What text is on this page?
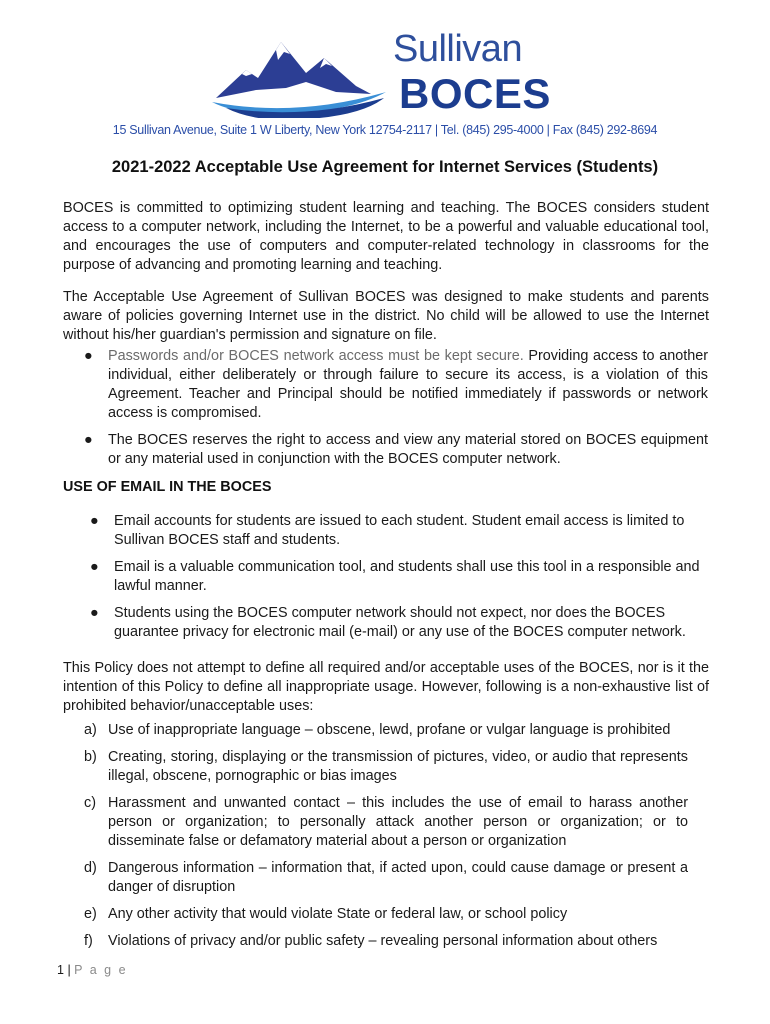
Sullivan
BOCES
15 Sullivan Avenue, Suite 1 W Liberty, New York 12754-2117 | Tel. (845) 295-4000 | Fax (845) 292-8694
2021-2022 Acceptable Use Agreement for Internet Services (Students)
BOCES is committed to optimizing student learning and teaching. The BOCES considers student access to a computer network, including the Internet, to be a powerful and valuable educational tool, and encourages the use of computers and computer-related technology in classrooms for the purpose of advancing and promoting learning and teaching.
The Acceptable Use Agreement of Sullivan BOCES was designed to make students and parents aware of policies governing Internet use in the district. No child will be allowed to use the Internet without his/her guardian's permission and signature on file.
● Passwords and/or BOCES network access must be kept secure. Providing access to another individual, either deliberately or through failure to secure its access, is a violation of this Agreement. Teacher and Principal should be notified immediately if passwords or network access is compromised.
● The BOCES reserves the right to access and view any material stored on BOCES equipment or any material used in conjunction with the BOCES computer network.
USE OF EMAIL IN THE BOCES
● Email accounts for students are issued to each student. Student email access is limited to Sullivan BOCES staff and students.
● Email is a valuable communication tool, and students shall use this tool in a responsible and lawful manner.
● Students using the BOCES computer network should not expect, nor does the BOCES guarantee privacy for electronic mail (e-mail) or any use of the BOCES computer network.
This Policy does not attempt to define all required and/or acceptable uses of the BOCES, nor is it the intention of this Policy to define all inappropriate usage. However, following is a non-exhaustive list of prohibited behavior/unacceptable uses:
a) Use of inappropriate language – obscene, lewd, profane or vulgar language is prohibited
b) Creating, storing, displaying or the transmission of pictures, video, or audio that represents illegal, obscene, pornographic or bias images
c) Harassment and unwanted contact – this includes the use of email to harass another person or organization; to personally attack another person or organization; or to disseminate false or defamatory material about a person or organization
d) Dangerous information – information that, if acted upon, could cause damage or present a danger of disruption
e) Any other activity that would violate State or federal law, or school policy
f) Violations of privacy and/or public safety – revealing personal information about others
1 | P a g e
